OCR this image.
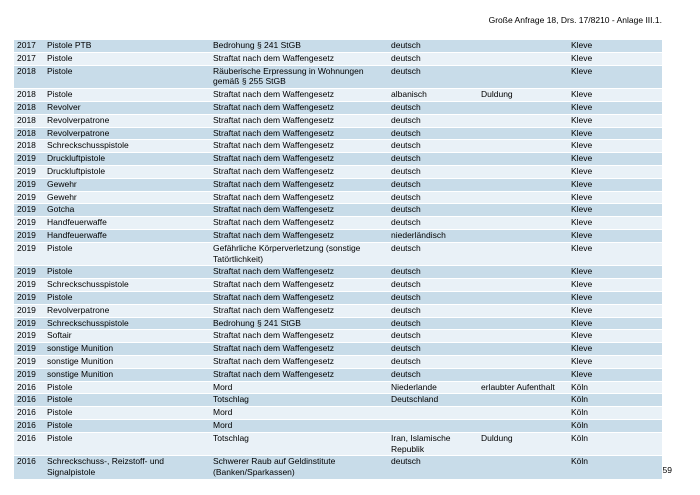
Große Anfrage 18, Drs. 17/8210 - Anlage III.1.
2017	Pistole PTB	Bedrohung § 241 StGB	deutsch		Kleve
2017	Pistole	Straftat nach dem Waffengesetz	deutsch		Kleve
2018	Pistole	Räuberische Erpressung in Wohnungen gemäß § 255 StGB	deutsch		Kleve
2018	Pistole	Straftat nach dem Waffengesetz	albanisch	Duldung	Kleve
2018	Revolver	Straftat nach dem Waffengesetz	deutsch		Kleve
2018	Revolverpatrone	Straftat nach dem Waffengesetz	deutsch		Kleve
2018	Revolverpatrone	Straftat nach dem Waffengesetz	deutsch		Kleve
2018	Schreckschusspistole	Straftat nach dem Waffengesetz	deutsch		Kleve
2019	Druckluftpistole	Straftat nach dem Waffengesetz	deutsch		Kleve
2019	Druckluftpistole	Straftat nach dem Waffengesetz	deutsch		Kleve
2019	Gewehr	Straftat nach dem Waffengesetz	deutsch		Kleve
2019	Gewehr	Straftat nach dem Waffengesetz	deutsch		Kleve
2019	Gotcha	Straftat nach dem Waffengesetz	deutsch		Kleve
2019	Handfeuerwaffe	Straftat nach dem Waffengesetz	deutsch		Kleve
2019	Handfeuerwaffe	Straftat nach dem Waffengesetz	niederländisch		Kleve
2019	Pistole	Gefährliche Körperverletzung (sonstige Tatörtlichkeit)	deutsch		Kleve
2019	Pistole	Straftat nach dem Waffengesetz	deutsch		Kleve
2019	Schreckschusspistole	Straftat nach dem Waffengesetz	deutsch		Kleve
2019	Pistole	Straftat nach dem Waffengesetz	deutsch		Kleve
2019	Revolverpatrone	Straftat nach dem Waffengesetz	deutsch		Kleve
2019	Schreckschusspistole	Bedrohung § 241 StGB	deutsch		Kleve
2019	Softair	Straftat nach dem Waffengesetz	deutsch		Kleve
2019	sonstige Munition	Straftat nach dem Waffengesetz	deutsch		Kleve
2019	sonstige Munition	Straftat nach dem Waffengesetz	deutsch		Kleve
2019	sonstige Munition	Straftat nach dem Waffengesetz	deutsch		Kleve
2016	Pistole	Mord	Niederlande	erlaubter Aufenthalt	Köln
2016	Pistole	Totschlag	Deutschland		Köln
2016	Pistole	Mord			Köln
2016	Pistole	Mord			Köln
2016	Pistole	Totschlag	Iran, Islamische Republik	Duldung	Köln
2016	Schreckschuss-, Reizstoff- und Signalpistole	Schwerer Raub auf Geldinstitute (Banken/Sparkassen)	deutsch		Köln
59
